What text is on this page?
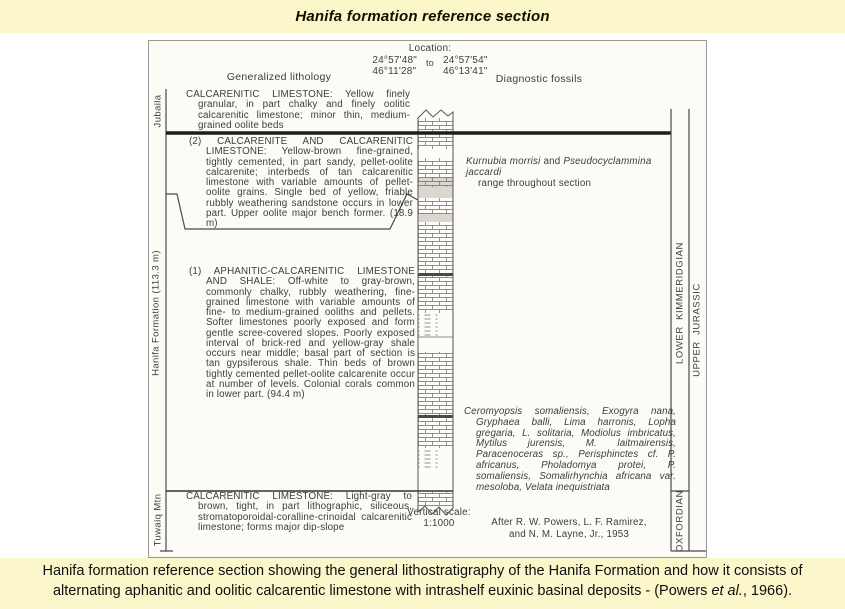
Hanifa formation reference section
Location:
24°57'48"
46°11'28"
to 24°57'54"
46°13'41"
Generalized lithology	Diagnostic fossils
CALCARENITIC LIMESTONE: Yellow finely granular, in part chalky and finely oolitic calcarenitic limestone; minor thin, medium-grained oolite beds
(2) CALCARENITE AND CALCARENITIC LIMESTONE: Yellow-brown fine-grained, tightly cemented, in part sandy, pellet-oolite calcarenite; interbeds of tan calcarenitic limestone with variable amounts of pellet-oolite grains. Single bed of yellow, friable rubbly weathering sandstone occurs in lower part. Upper oolite major bench former. (18.9 m)
(1) APHANITIC-CALCARENITIC LIMESTONE AND SHALE: Off-white to gray-brown, commonly chalky, rubbly weathering, fine-grained limestone with variable amounts of fine- to medium-grained ooliths and pellets. Softer limestones poorly exposed and form gentle scree-covered slopes. Poorly exposed interval of brick-red and yellow-gray shale occurs near middle; basal part of section is tan gypsiferous shale. Thin beds of brown tightly cemented pellet-oolite calcarenite occur at number of levels. Colonial corals common in lower part. (94.4 m)
CALCARENITIC LIMESTONE: Light-gray to brown, tight, in part lithographic, siliceous, stromatoporoidal-coralline-crinoidal calcarenitic limestone; forms major dip-slope
Kurnubia morrisi and Pseudocyclammina jaccardi
range throughout section
Ceromyopsis somaliensis, Exogyra nana, Gryphaea balli, Lima harronis, Lopha gregaria, L. solitaria, Modiolus imbricatus, Mytilus jurensis, M. laitmairensis, Paracenoceras sp., Perisphinctes cf. P. africanus, Pholadomya protei, P. somaliensis, Somalirhynchia africana var. mesoloba, Velata inequistriata
Vertical scale:
1:1000	After R. W. Powers, L. F. Ramirez,
and N. M. Layne, Jr., 1953
Jubaila
Hanifa Formation (113.3 m)
Tuwaiq Mtn
LOWER KIMMERIDGIAN
OXFORDIAN
UPPER JURASSIC
Hanifa formation reference section showing the general lithostratigraphy of the Hanifa Formation and how it consists of
alternating aphanitic and oolitic calcarentic limestone with intrashelf euxinic basinal deposits - (Powers et al., 1966).
